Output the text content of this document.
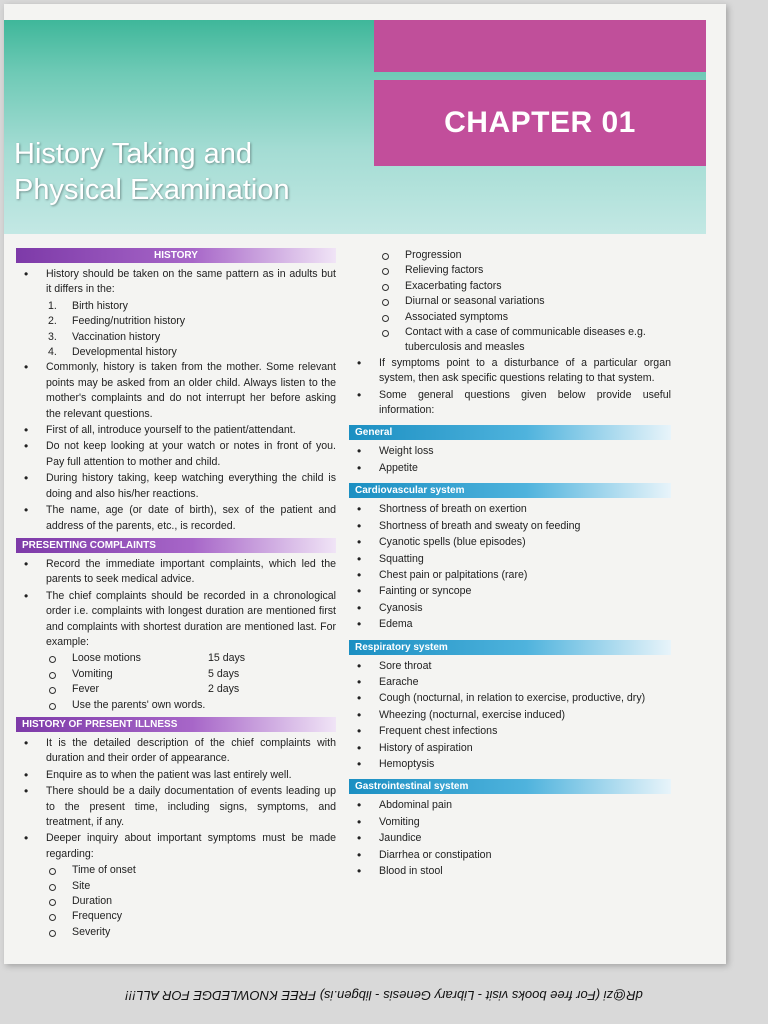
CHAPTER 01
History Taking and
Physical Examination
HISTORY
• History should be taken on the same pattern as in adults but it differs in the:
1. Birth history
2. Feeding/nutrition history
3. Vaccination history
4. Developmental history
• Commonly, history is taken from the mother. Some relevant points may be asked from an older child. Always listen to the mother's complaints and do not interrupt her before asking the relevant questions.
• First of all, introduce yourself to the patient/attendant.
• Do not keep looking at your watch or notes in front of you. Pay full attention to mother and child.
• During history taking, keep watching everything the child is doing and also his/her reactions.
• The name, age (or date of birth), sex of the patient and address of the parents, etc., is recorded.
PRESENTING COMPLAINTS
• Record the immediate important complaints, which led the parents to seek medical advice.
• The chief complaints should be recorded in a chronological order i.e. complaints with longest duration are mentioned first and complaints with shortest duration are mentioned last. For example:
Loose motions	15 days
Vomiting	5 days
Fever	2 days
Use the parents' own words.
HISTORY OF PRESENT ILLNESS
• It is the detailed description of the chief complaints with duration and their order of appearance.
• Enquire as to when the patient was last entirely well.
• There should be a daily documentation of events leading up to the present time, including signs, symptoms, and treatment, if any.
• Deeper inquiry about important symptoms must be made regarding:
Time of onset
Site
Duration
Frequency
Severity
Progression
Relieving factors
Exacerbating factors
Diurnal or seasonal variations
Associated symptoms
Contact with a case of communicable diseases e.g. tuberculosis and measles
• If symptoms point to a disturbance of a particular organ system, then ask specific questions relating to that system.
• Some general questions given below provide useful information:
General
• Weight loss
• Appetite
Cardiovascular system
• Shortness of breath on exertion
• Shortness of breath and sweaty on feeding
• Cyanotic spells (blue episodes)
• Squatting
• Chest pain or palpitations (rare)
• Fainting or syncope
• Cyanosis
• Edema
Respiratory system
• Sore throat
• Earache
• Cough (nocturnal, in relation to exercise, productive, dry)
• Wheezing (nocturnal, exercise induced)
• Frequent chest infections
• History of aspiration
• Hemoptysis
Gastrointestinal system
• Abdominal pain
• Vomiting
• Jaundice
• Diarrhea or constipation
• Blood in stool
dR@zi (For free books visit - Library Genesis - libgen.is) FREE KNOWLEDGE FOR ALL!!!
